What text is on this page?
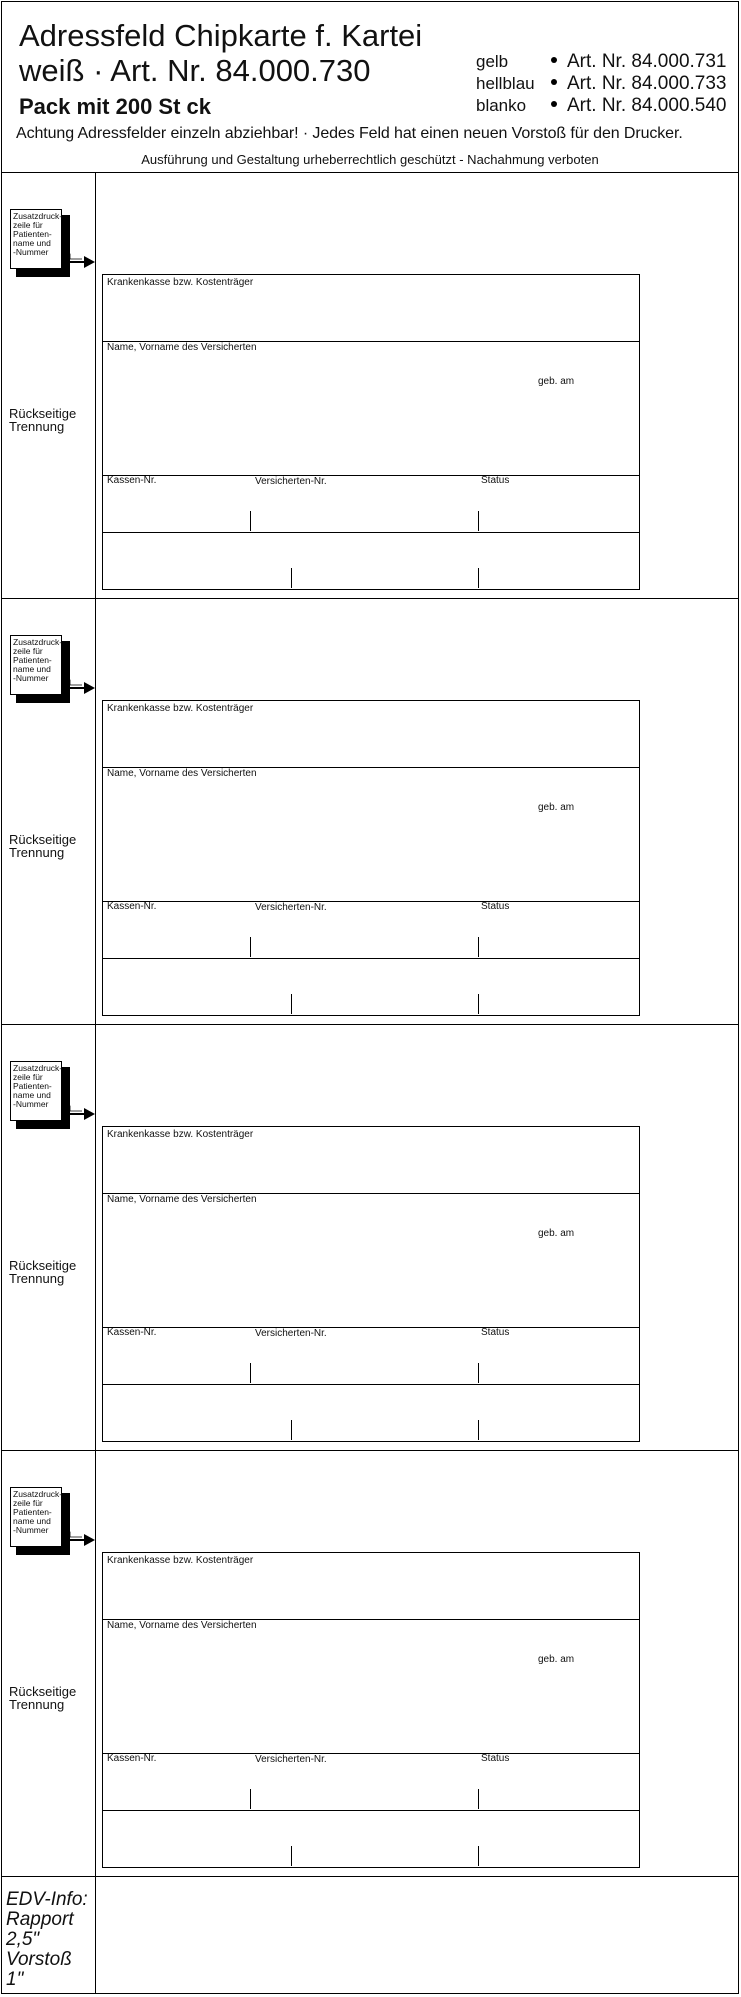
Adressfeld Chipkarte f. Kartei
weiß · Art. Nr. 84.000.730
Pack mit 200 St ck
gelb	Art. Nr. 84.000.731
hellblau	Art. Nr. 84.000.733
blanko	Art. Nr. 84.000.540
Achtung Adressfelder einzeln abziehbar! · Jedes Feld hat einen neuen Vorstoß für den Drucker.
Ausführung und Gestaltung urheberrechtlich geschützt - Nachahmung verboten
Zusatzdruck-
zeile für
Patienten-
name und
-Nummer
Rückseitige
Trennung
Krankenkasse bzw. Kostenträger
Name, Vorname des Versicherten
geb. am
Kassen-Nr.	Versicherten-Nr.	Status
Zusatzdruck-
zeile für
Patienten-
name und
-Nummer
Rückseitige
Trennung
Krankenkasse bzw. Kostenträger
Name, Vorname des Versicherten
geb. am
Kassen-Nr.	Versicherten-Nr.	Status
Zusatzdruck-
zeile für
Patienten-
name und
-Nummer
Rückseitige
Trennung
Krankenkasse bzw. Kostenträger
Name, Vorname des Versicherten
geb. am
Kassen-Nr.	Versicherten-Nr.	Status
Zusatzdruck-
zeile für
Patienten-
name und
-Nummer
Rückseitige
Trennung
Krankenkasse bzw. Kostenträger
Name, Vorname des Versicherten
geb. am
Kassen-Nr.	Versicherten-Nr.	Status
EDV-Info:
Rapport
2,5"
Vorstoß
1"
